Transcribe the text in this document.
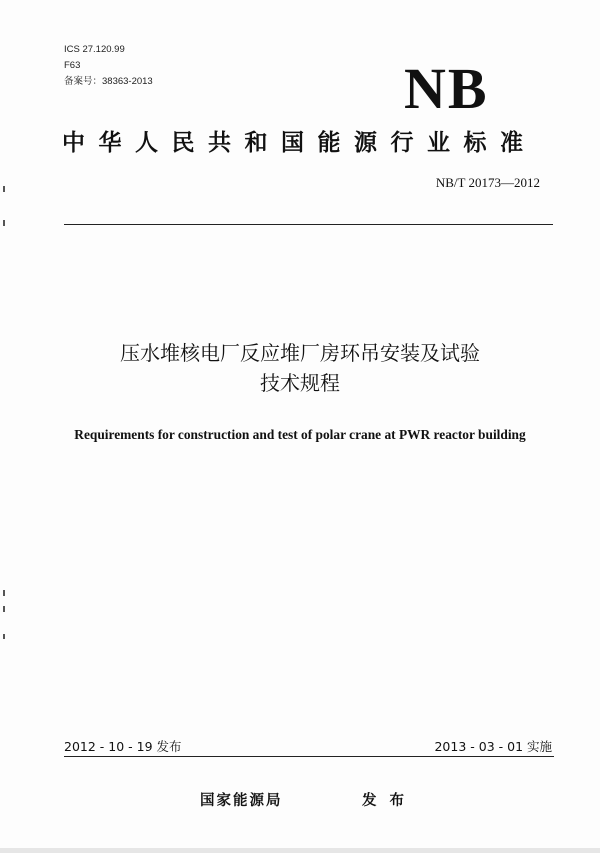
ICS 27.120.99
F63
备案号：38363-2013	NB
中华人民共和国能源行业标准
NB/T 20173—2012
压水堆核电厂反应堆厂房环吊安装及试验
技术规程
Requirements for construction and test of polar crane at PWR reactor building
2012 - 10 - 19 发布	2013 - 03 - 01 实施
国家能源局	发 布
